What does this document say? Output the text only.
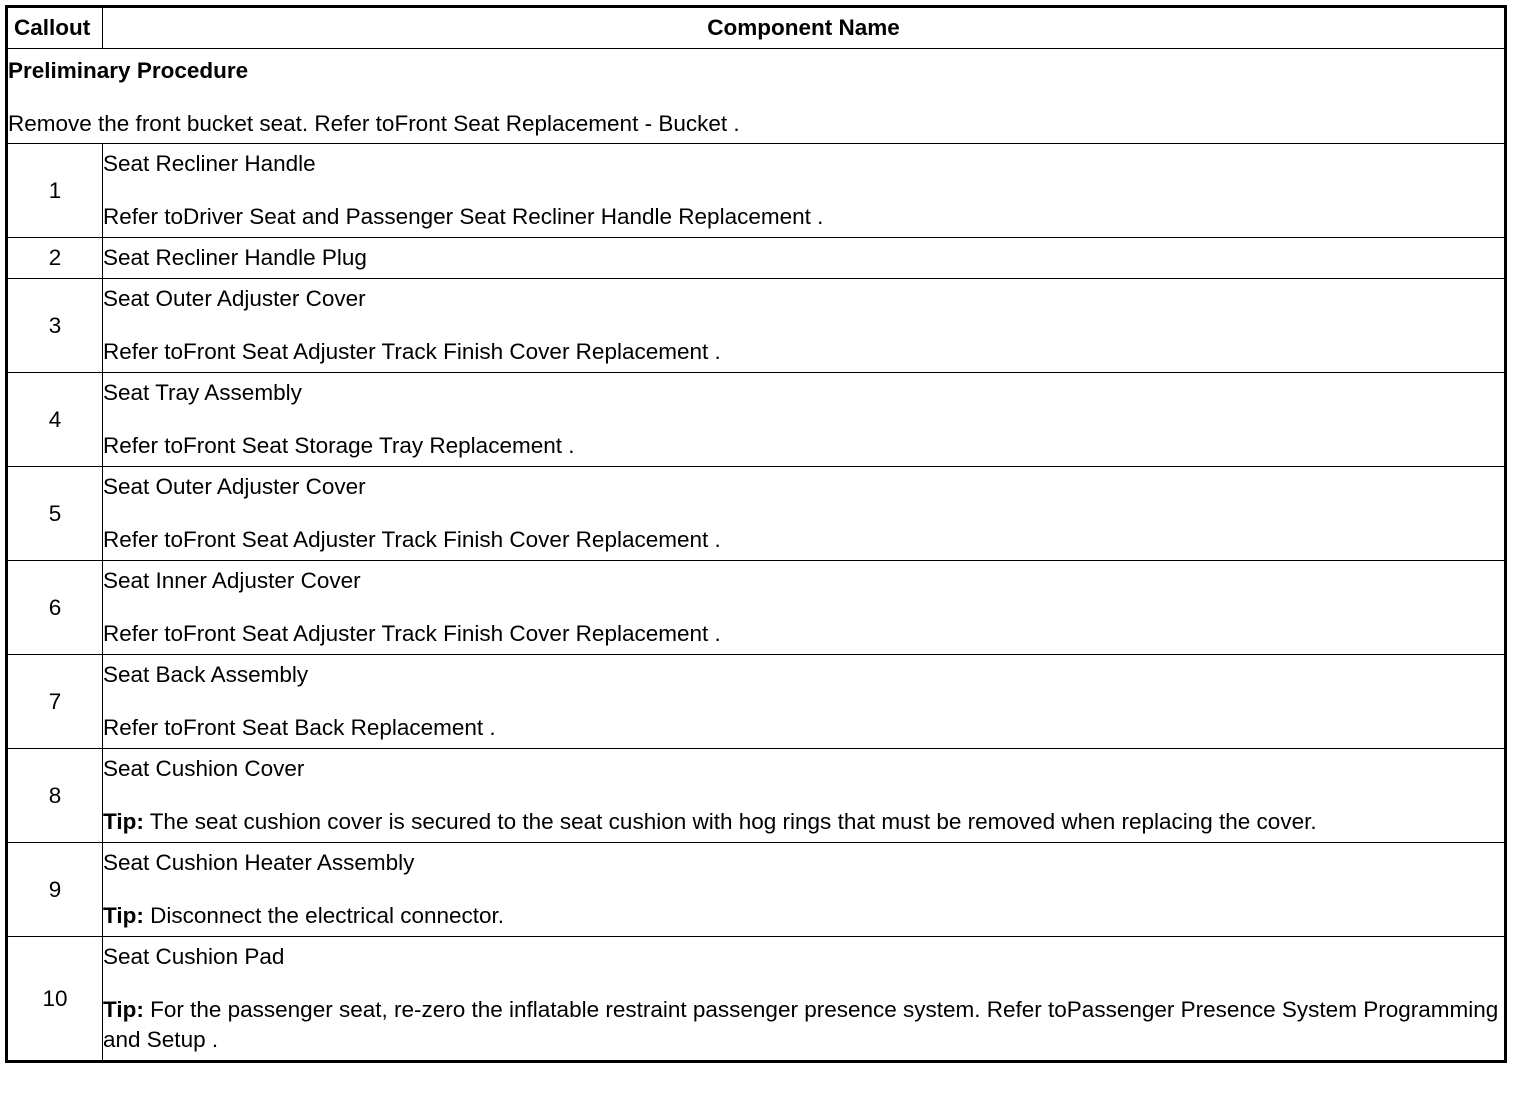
Callout	Component Name

Preliminary Procedure
Remove the front bucket seat. Refer toFront Seat Replacement - Bucket .	

1	Seat Recliner Handle
Refer toDriver Seat and Passenger Seat Recliner Handle Replacement .

2	Seat Recliner Handle Plug

3	Seat Outer Adjuster Cover
Refer toFront Seat Adjuster Track Finish Cover Replacement .

4	Seat Tray Assembly
Refer toFront Seat Storage Tray Replacement .

5	Seat Outer Adjuster Cover
Refer toFront Seat Adjuster Track Finish Cover Replacement .

6	Seat Inner Adjuster Cover
Refer toFront Seat Adjuster Track Finish Cover Replacement .

7	Seat Back Assembly
Refer toFront Seat Back Replacement .

8	Seat Cushion Cover
Tip: The seat cushion cover is secured to the seat cushion with hog rings that must be removed when replacing the cover.

9	Seat Cushion Heater Assembly
Tip: Disconnect the electrical connector.

10	Seat Cushion Pad
Tip: For the passenger seat, re-zero the inflatable restraint passenger presence system. Refer toPassenger Presence System Programming and Setup .
